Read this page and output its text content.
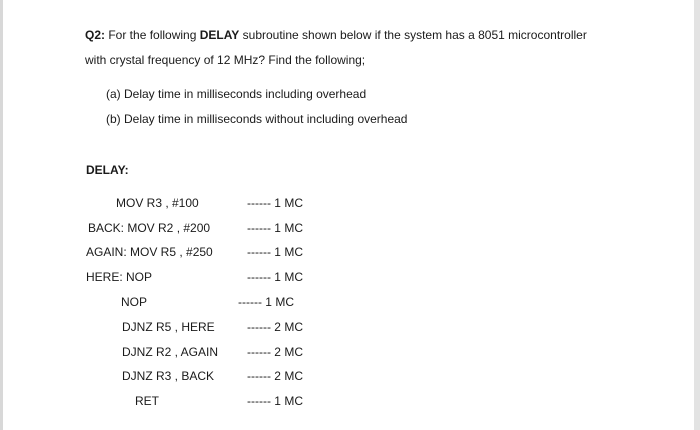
Q2: For the following DELAY subroutine shown below if the system has a 8051 microcontroller
with crystal frequency of 12 MHz? Find the following;
(a) Delay time in milliseconds including overhead
(b) Delay time in milliseconds without including overhead
DELAY:
MOV R3 , #100	------ 1 MC
BACK: MOV R2 , #200	------ 1 MC
AGAIN: MOV R5 , #250	------ 1 MC
HERE: NOP	------ 1 MC
NOP	------ 1 MC
DJNZ R5 , HERE	------ 2 MC
DJNZ R2 , AGAIN ------ 2 MC
DJNZ R3 , BACK	------ 2 MC
RET	------ 1 MC
